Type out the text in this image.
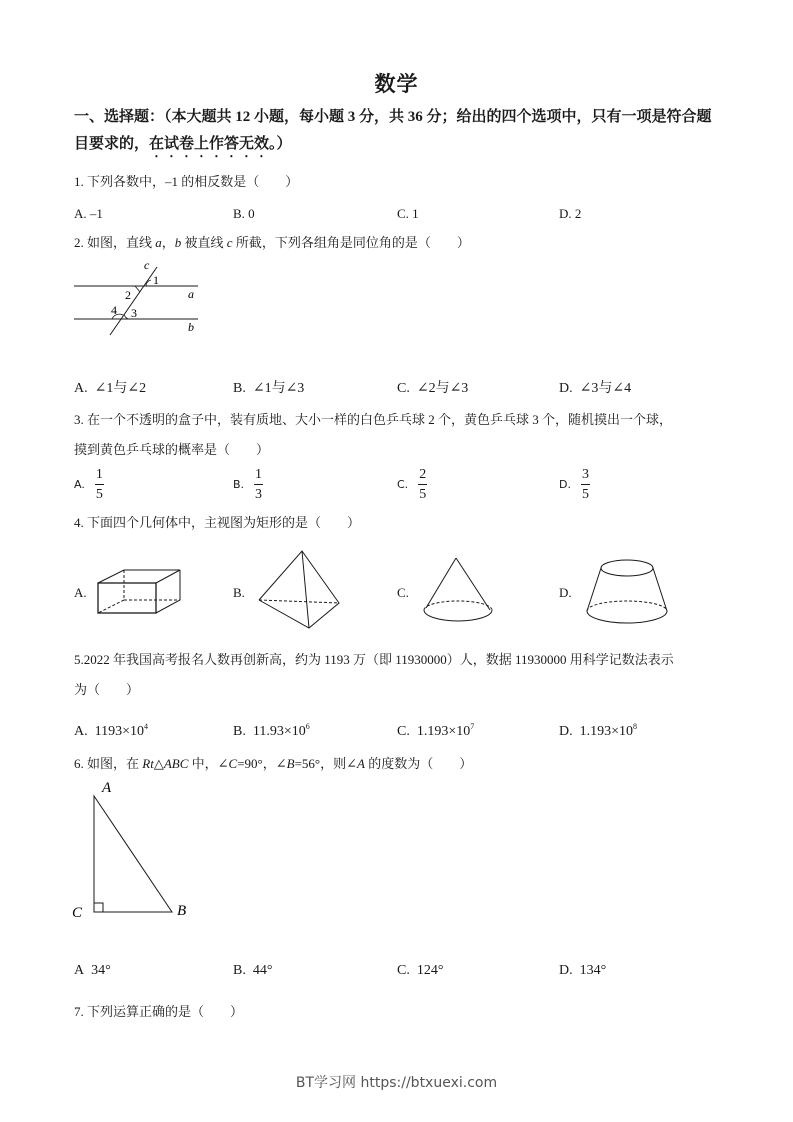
数学
一、选择题：（本大题共 12 小题，每小题 3 分，共 36 分；给出的四个选项中，只有一项是符合题目要求的，在试卷上作答无效。）
1. 下列各数中，–1 的相反数是（　　）
A. –1	B. 0	C. 1	D. 2
2. 如图，直线 a，b 被直线 c 所截，下列各组角是同位角的是（　　）
c
1
a
2
4 3
b
A. ∠1与∠2	B. ∠1与∠3	C. ∠2与∠3	D. ∠3与∠4
3. 在一个不透明的盒子中，装有质地、大小一样的白色乒乓球 2 个，黄色乒乓球 3 个，随机摸出一个球，
摸到黄色乒乓球的概率是（　　）
A. $\frac{1}{5}$	B. $\frac{1}{3}$	C. $\frac{2}{5}$	D. $\frac{3}{5}$
4. 下面四个几何体中，主视图为矩形的是（　　）
A.	B.	C.	D.
5.2022 年我国高考报名人数再创新高，约为 1193 万（即 11930000）人，数据 11930000 用科学记数法表示
为（　　）
A. $1193\times 10^4$	B. $11.93\times 10^6$	C. $1.193\times 10^7$	D. $1.193\times 10^8$
6. 如图，在 Rt△ABC 中，∠C=90°，∠B=56°，则∠A 的度数为（　　）
A
C	B
A 34°	B. 44°	C. 124°	D. 134°
7. 下列运算正确的是（　　）
BT学习网 https://btxuexi.com
